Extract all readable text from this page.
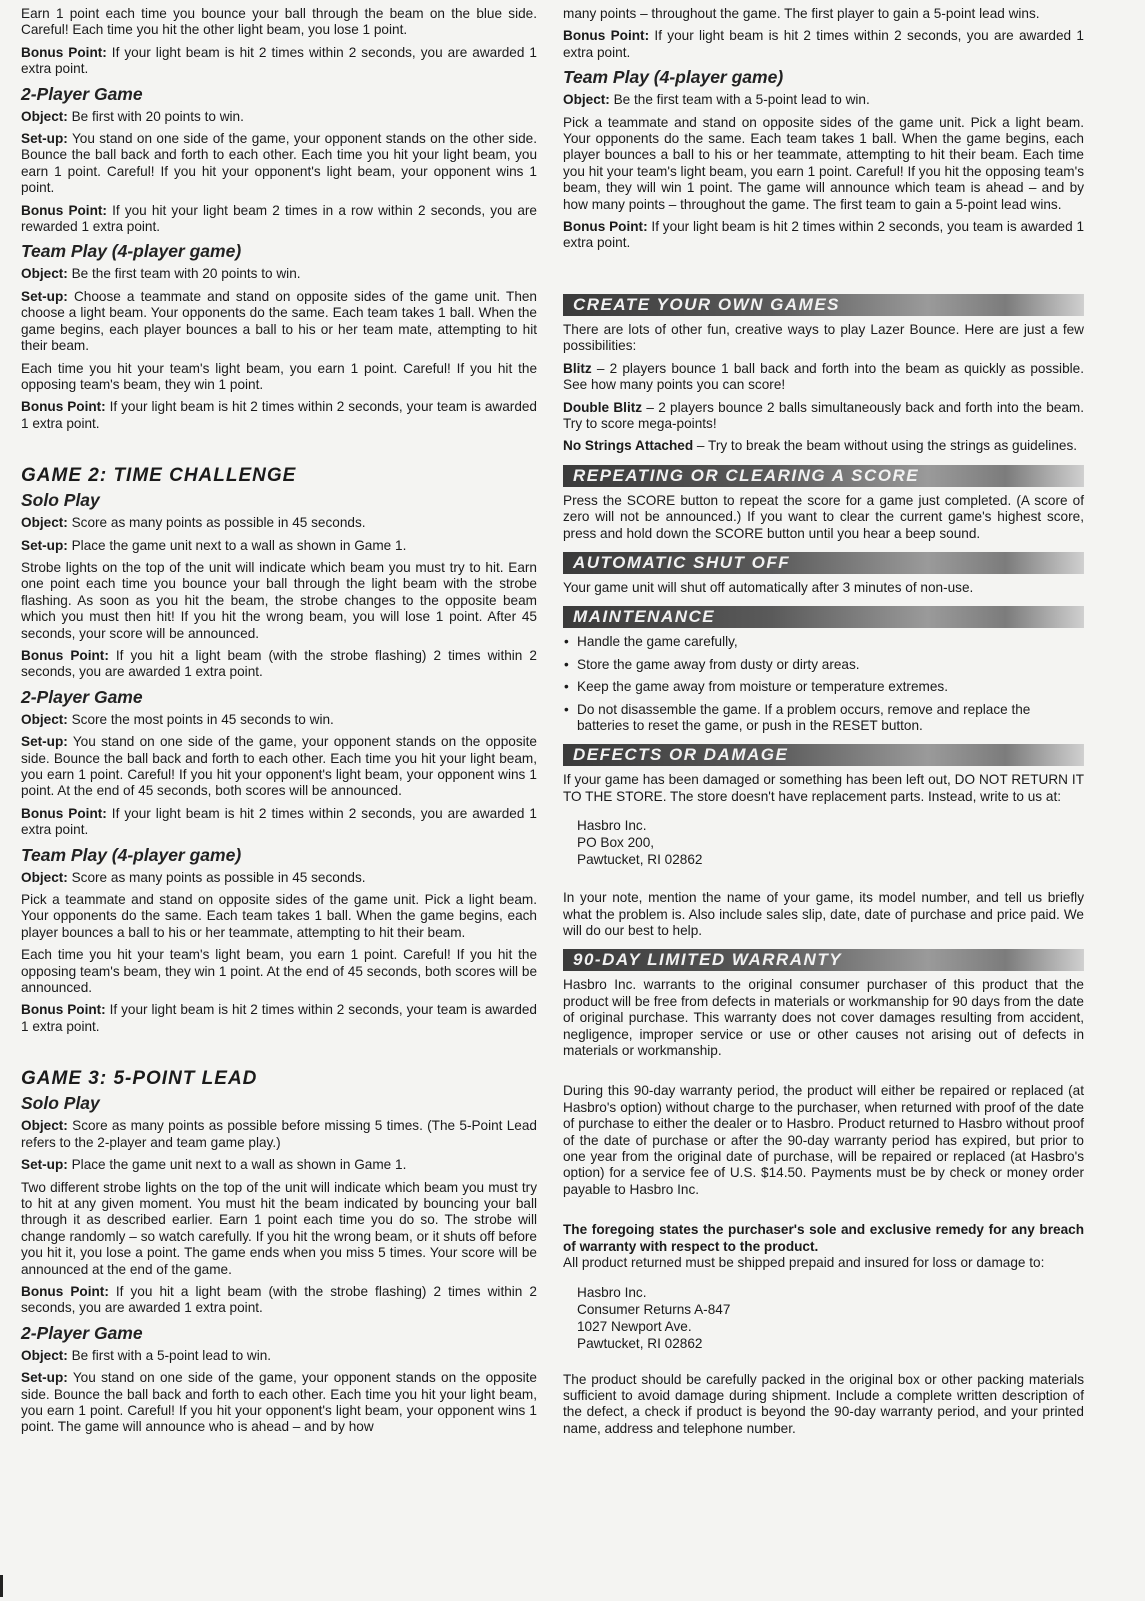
Earn 1 point each time you bounce your ball through the beam on the blue side. Careful! Each time you hit the other light beam, you lose 1 point.

Bonus Point: If your light beam is hit 2 times within 2 seconds, you are awarded 1 extra point.

2-Player Game

Object: Be first with 20 points to win.

Set-up: You stand on one side of the game, your opponent stands on the other side. Bounce the ball back and forth to each other. Each time you hit your light beam, you earn 1 point. Careful! If you hit your opponent's light beam, your opponent wins 1 point.

Bonus Point: If you hit your light beam 2 times in a row within 2 seconds, you are rewarded 1 extra point.

Team Play (4-player game)

Object: Be the first team with 20 points to win.

Set-up: Choose a teammate and stand on opposite sides of the game unit. Then choose a light beam. Your opponents do the same. Each team takes 1 ball. When the game begins, each player bounces a ball to his or her team mate, attempting to hit their beam.

Each time you hit your team's light beam, you earn 1 point. Careful! If you hit the opposing team's beam, they win 1 point.

Bonus Point: If your light beam is hit 2 times within 2 seconds, your team is awarded 1 extra point.

GAME 2: TIME CHALLENGE
Solo Play

Object: Score as many points as possible in 45 seconds.

Set-up: Place the game unit next to a wall as shown in Game 1.

Strobe lights on the top of the unit will indicate which beam you must try to hit. Earn one point each time you bounce your ball through the light beam with the strobe flashing. As soon as you hit the beam, the strobe changes to the opposite beam which you must then hit! If you hit the wrong beam, you will lose 1 point. After 45 seconds, your score will be announced.

Bonus Point: If you hit a light beam (with the strobe flashing) 2 times within 2 seconds, you are awarded 1 extra point.

2-Player Game

Object: Score the most points in 45 seconds to win.

Set-up: You stand on one side of the game, your opponent stands on the opposite side. Bounce the ball back and forth to each other. Each time you hit your light beam, you earn 1 point. Careful! If you hit your opponent's light beam, your opponent wins 1 point. At the end of 45 seconds, both scores will be announced.

Bonus Point: If your light beam is hit 2 times within 2 seconds, you are awarded 1 extra point.

Team Play (4-player game)

Object: Score as many points as possible in 45 seconds.

Pick a teammate and stand on opposite sides of the game unit. Pick a light beam. Your opponents do the same. Each team takes 1 ball. When the game begins, each player bounces a ball to his or her teammate, attempting to hit their beam.

Each time you hit your team's light beam, you earn 1 point. Careful! If you hit the opposing team's beam, they win 1 point. At the end of 45 seconds, both scores will be announced.

Bonus Point: If your light beam is hit 2 times within 2 seconds, your team is awarded 1 extra point.

GAME 3: 5-POINT LEAD
Solo Play

Object: Score as many points as possible before missing 5 times. (The 5-Point Lead refers to the 2-player and team game play.)

Set-up: Place the game unit next to a wall as shown in Game 1.

Two different strobe lights on the top of the unit will indicate which beam you must try to hit at any given moment. You must hit the beam indicated by bouncing your ball through it as described earlier. Earn 1 point each time you do so. The strobe will change randomly – so watch carefully. If you hit the wrong beam, or it shuts off before you hit it, you lose a point. The game ends when you miss 5 times. Your score will be announced at the end of the game.

Bonus Point: If you hit a light beam (with the strobe flashing) 2 times within 2 seconds, you are awarded 1 extra point.

2-Player Game

Object: Be first with a 5-point lead to win.

Set-up: You stand on one side of the game, your opponent stands on the opposite side. Bounce the ball back and forth to each other. Each time you hit your light beam, you earn 1 point. Careful! If you hit your opponent's light beam, your opponent wins 1 point. The game will announce who is ahead – and by how

many points – throughout the game. The first player to gain a 5-point lead wins.

Bonus Point: If your light beam is hit 2 times within 2 seconds, you are awarded 1 extra point.

Team Play (4-player game)

Object: Be the first team with a 5-point lead to win.

Pick a teammate and stand on opposite sides of the game unit. Pick a light beam. Your opponents do the same. Each team takes 1 ball. When the game begins, each player bounces a ball to his or her teammate, attempting to hit their beam. Each time you hit your team's light beam, you earn 1 point. Careful! If you hit the opposing team's beam, they will win 1 point. The game will announce which team is ahead – and by how many points – throughout the game. The first team to gain a 5-point lead wins.

Bonus Point: If your light beam is hit 2 times within 2 seconds, you team is awarded 1 extra point.

CREATE YOUR OWN GAMES

There are lots of other fun, creative ways to play Lazer Bounce. Here are just a few possibilities:

Blitz – 2 players bounce 1 ball back and forth into the beam as quickly as possible. See how many points you can score!

Double Blitz – 2 players bounce 2 balls simultaneously back and forth into the beam. Try to score mega-points!

No Strings Attached – Try to break the beam without using the strings as guidelines.

REPEATING OR CLEARING A SCORE

Press the SCORE button to repeat the score for a game just completed. (A score of zero will not be announced.) If you want to clear the current game's highest score, press and hold down the SCORE button until you hear a beep sound.

AUTOMATIC SHUT OFF

Your game unit will shut off automatically after 3 minutes of non-use.

MAINTENANCE
• Handle the game carefully,
• Store the game away from dusty or dirty areas.
• Keep the game away from moisture or temperature extremes.
• Do not disassemble the game. If a problem occurs, remove and replace the batteries to reset the game, or push in the RESET button.
DEFECTS OR DAMAGE

If your game has been damaged or something has been left out, DO NOT RETURN IT TO THE STORE. The store doesn't have replacement parts. Instead, write to us at:

Hasbro Inc.
PO Box 200,
Pawtucket, RI 02862

In your note, mention the name of your game, its model number, and tell us briefly what the problem is. Also include sales slip, date, date of purchase and price paid. We will do our best to help.

90-DAY LIMITED WARRANTY

Hasbro Inc. warrants to the original consumer purchaser of this product that the product will be free from defects in materials or workmanship for 90 days from the date of original purchase. This warranty does not cover damages resulting from accident, negligence, improper service or use or other causes not arising out of defects in materials or workmanship.

During this 90-day warranty period, the product will either be repaired or replaced (at Hasbro's option) without charge to the purchaser, when returned with proof of the date of purchase to either the dealer or to Hasbro. Product returned to Hasbro without proof of the date of purchase or after the 90-day warranty period has expired, but prior to one year from the original date of purchase, will be repaired or replaced (at Hasbro's option) for a service fee of U.S. $14.50. Payments must be by check or money order payable to Hasbro Inc.

The foregoing states the purchaser's sole and exclusive remedy for any breach of warranty with respect to the product.

All product returned must be shipped prepaid and insured for loss or damage to:

Hasbro Inc.
Consumer Returns A-847
1027 Newport Ave.
Pawtucket, RI 02862

The product should be carefully packed in the original box or other packing materials sufficient to avoid damage during shipment. Include a complete written description of the defect, a check if product is beyond the 90-day warranty period, and your printed name, address and telephone number.
